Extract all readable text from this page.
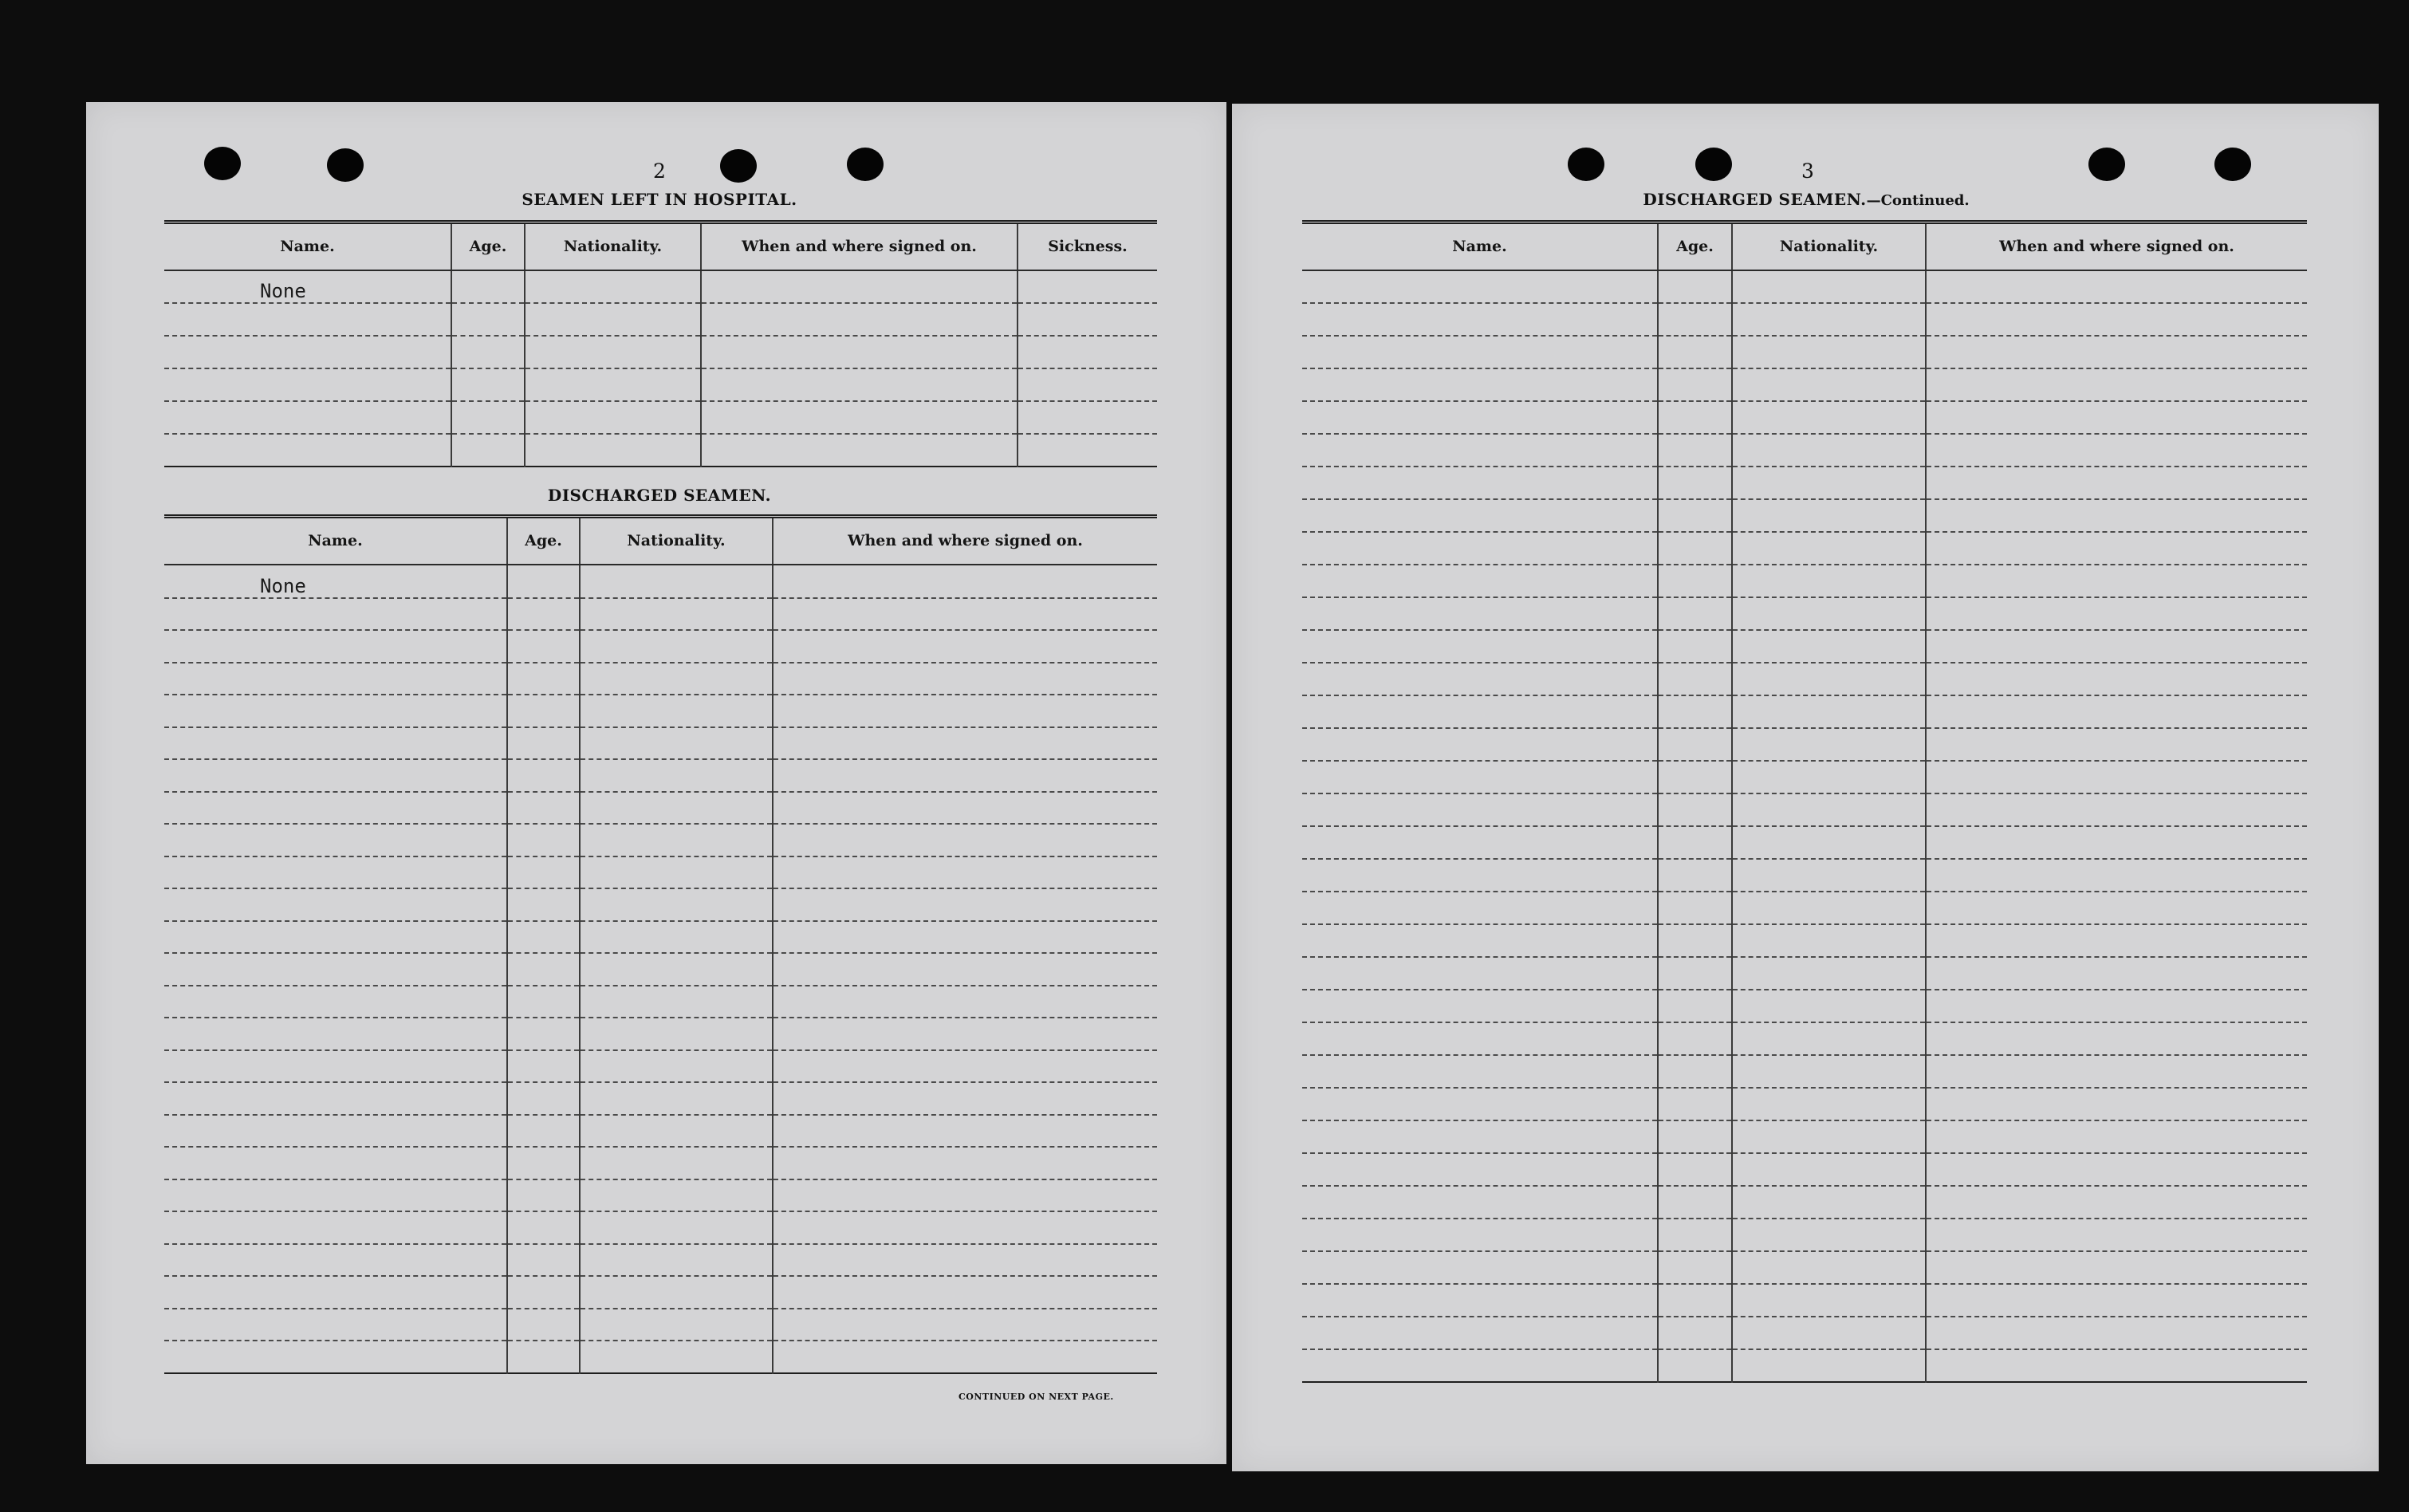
2
SEAMEN LEFT IN HOSPITAL.
Name.	Age.	Nationality.	When and where signed on.	Sickness.
None				

DISCHARGED SEAMEN.
Name.	Age.	Nationality.	When and where signed on.
None			

CONTINUED ON NEXT PAGE.
3
DISCHARGED SEAMEN.—Continued.
Name.	Age.	Nationality.	When and where signed on.
